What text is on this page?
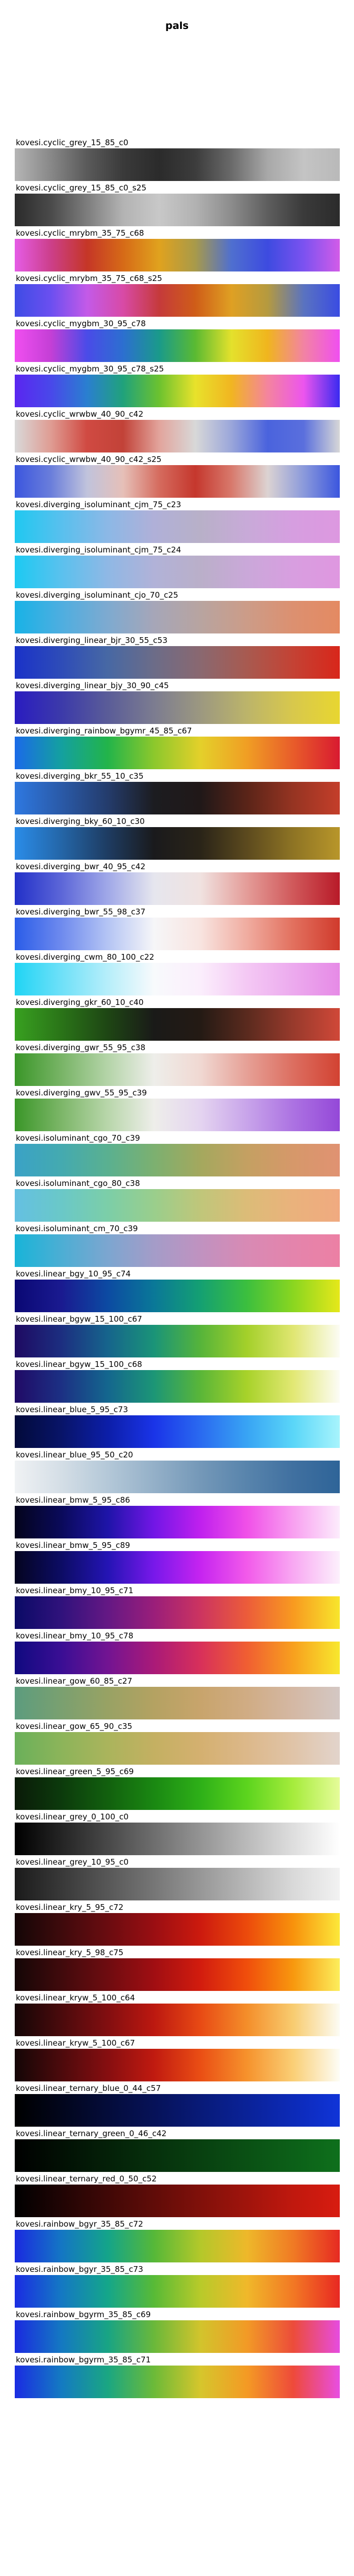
pals
kovesi.cyclic_grey_15_85_c0
kovesi.cyclic_grey_15_85_c0_s25
kovesi.cyclic_mrybm_35_75_c68
kovesi.cyclic_mrybm_35_75_c68_s25
kovesi.cyclic_mygbm_30_95_c78
kovesi.cyclic_mygbm_30_95_c78_s25
kovesi.cyclic_wrwbw_40_90_c42
kovesi.cyclic_wrwbw_40_90_c42_s25
kovesi.diverging_isoluminant_cjm_75_c23
kovesi.diverging_isoluminant_cjm_75_c24
kovesi.diverging_isoluminant_cjo_70_c25
kovesi.diverging_linear_bjr_30_55_c53
kovesi.diverging_linear_bjy_30_90_c45
kovesi.diverging_rainbow_bgymr_45_85_c67
kovesi.diverging_bkr_55_10_c35
kovesi.diverging_bky_60_10_c30
kovesi.diverging_bwr_40_95_c42
kovesi.diverging_bwr_55_98_c37
kovesi.diverging_cwm_80_100_c22
kovesi.diverging_gkr_60_10_c40
kovesi.diverging_gwr_55_95_c38
kovesi.diverging_gwv_55_95_c39
kovesi.isoluminant_cgo_70_c39
kovesi.isoluminant_cgo_80_c38
kovesi.isoluminant_cm_70_c39
kovesi.linear_bgy_10_95_c74
kovesi.linear_bgyw_15_100_c67
kovesi.linear_bgyw_15_100_c68
kovesi.linear_blue_5_95_c73
kovesi.linear_blue_95_50_c20
kovesi.linear_bmw_5_95_c86
kovesi.linear_bmw_5_95_c89
kovesi.linear_bmy_10_95_c71
kovesi.linear_bmy_10_95_c78
kovesi.linear_gow_60_85_c27
kovesi.linear_gow_65_90_c35
kovesi.linear_green_5_95_c69
kovesi.linear_grey_0_100_c0
kovesi.linear_grey_10_95_c0
kovesi.linear_kry_5_95_c72
kovesi.linear_kry_5_98_c75
kovesi.linear_kryw_5_100_c64
kovesi.linear_kryw_5_100_c67
kovesi.linear_ternary_blue_0_44_c57
kovesi.linear_ternary_green_0_46_c42
kovesi.linear_ternary_red_0_50_c52
kovesi.rainbow_bgyr_35_85_c72
kovesi.rainbow_bgyr_35_85_c73
kovesi.rainbow_bgyrm_35_85_c69
kovesi.rainbow_bgyrm_35_85_c71
